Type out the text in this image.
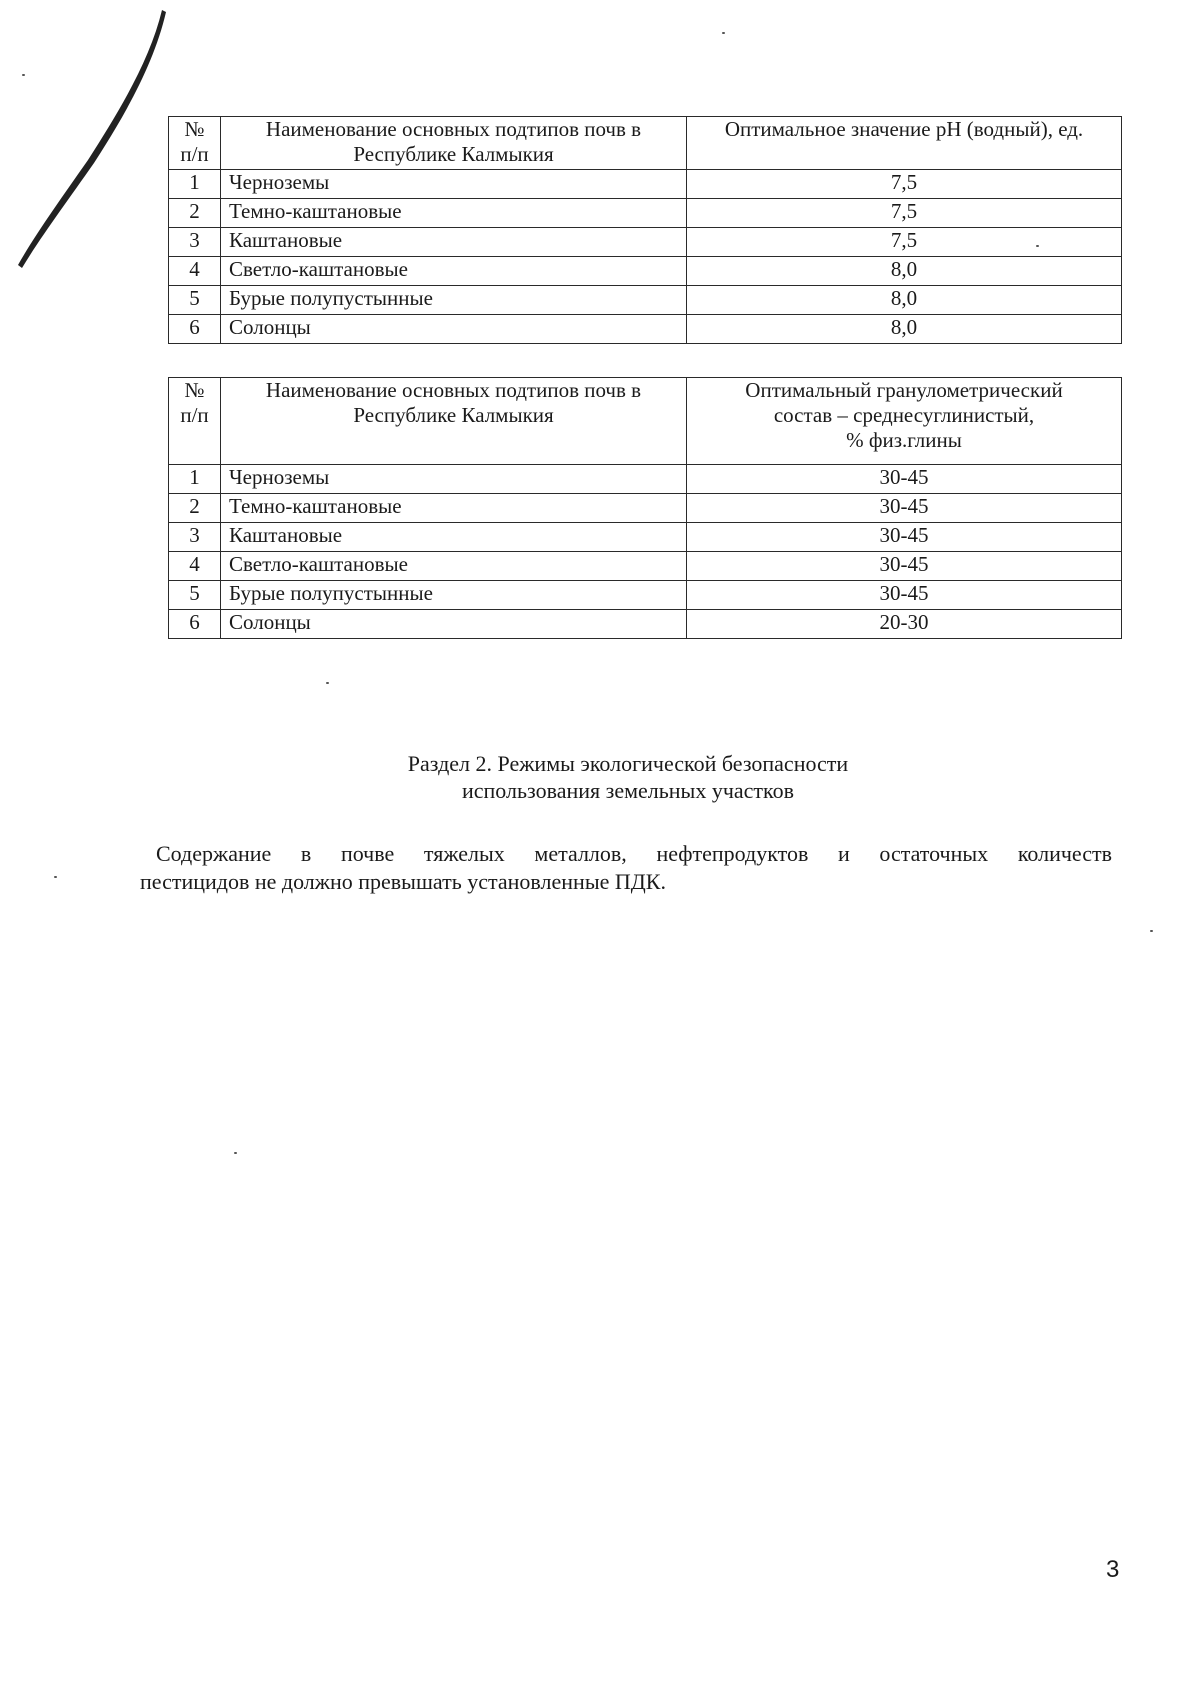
№ п/п	Наименование основных подтипов почв в Республике Калмыкия	Оптимальное значение pH (водный), ед.
1	Черноземы	7,5
2	Темно-каштановые	7,5
3	Каштановые	7,5
4	Светло-каштановые	8,0
5	Бурые полупустынные	8,0
6	Солонцы	8,0
№ п/п	Наименование основных подтипов почв в Республике Калмыкия	Оптимальный гранулометрический
состав – среднесуглинистый,
% физ.глины

1	Черноземы	30-45
2	Темно-каштановые	30-45
3	Каштановые	30-45
4	Светло-каштановые	30-45
5	Бурые полупустынные	30-45
6	Солонцы	20-30
Раздел 2. Режимы экологической безопасности
использования земельных участков
Содержание в почве тяжелых металлов, нефтепродуктов и остаточных количеств
пестицидов не должно превышать установленные ПДК.
3
